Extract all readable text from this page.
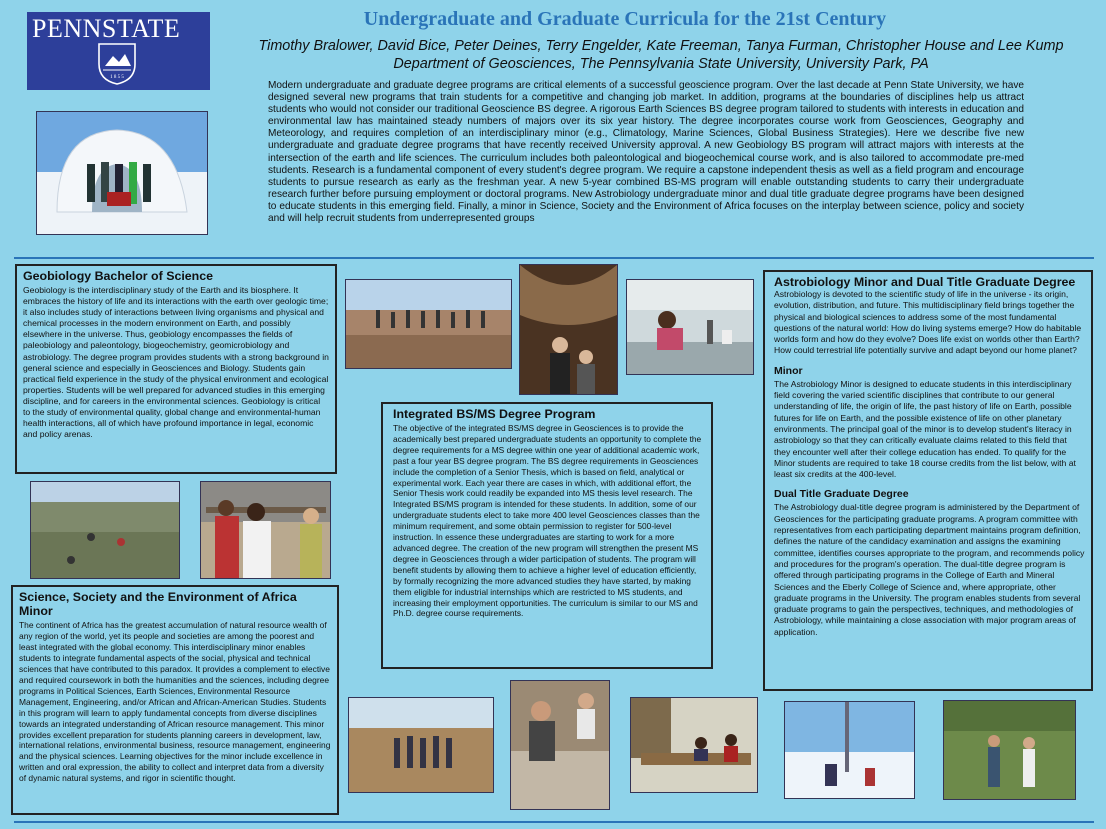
PENNSTATE
1 8 5 5
Undergraduate and Graduate Curricula for the 21st Century
Timothy Bralower, David Bice, Peter Deines, Terry Engelder, Kate Freeman, Tanya Furman, Christopher House and Lee Kump
Department of Geosciences, The Pennsylvania State University, University Park, PA

Modern undergraduate and graduate degree programs are critical elements of a successful geoscience program. Over the last decade at Penn State University, we have designed several new programs that train students for a competitive and changing job market. In addition, programs at the boundaries of disciplines help us attract students who would not consider our traditional Geoscience BS degree. A rigorous Earth Sciences BS degree program tailored to students with interests in education and environmental law has maintained steady numbers of majors over its six year history. The degree incorporates course work from Geosciences, Geography and Meteorology, and requires completion of an interdisciplinary minor (e.g., Climatology, Marine Sciences, Global Business Strategies). Here we describe five new undergraduate and graduate degree programs that have recently received University approval. A new Geobiology BS program will attract majors with interests at the intersection of the earth and life sciences. The curriculum includes both paleontological and biogeochemical course work, and is also tailored to accommodate pre-med students. Research is a fundamental component of every student's degree program. We require a capstone independent thesis as well as a field program and encourage students to pursue research as early as the freshman year. A new 5-year combined BS-MS program will enable outstanding students to carry their undergraduate research further before pursuing employment or doctoral programs. New Astrobiology undergraduate minor and dual title graduate degree programs have been designed to educate students in this emerging field. Finally, a minor in Science, Society and the Environment of Africa focuses on the interplay between science, policy and society and will help recruit students from underrepresented groups

Geobiology Bachelor of Science

Geobiology is the interdisciplinary study of the Earth and its biosphere. It embraces the history of life and its interactions with the earth over geologic time; it also includes study of interactions between living organisms and physical and chemical processes in the modern environment on Earth, and possibly elsewhere in the universe. Thus, geobiology encompasses the fields of paleobiology and paleontology, biogeochemistry, geomicrobiology and astrobiology. The degree program provides students with a strong background in general science and especially in Geosciences and Biology. Students gain practical field experience in the study of the physical environment and ecological properties. Students will be well prepared for advanced studies in this emerging discipline, and for careers in the environmental sciences. Geobiology is critical to the study of environmental quality, global change and environmental-human health interactions, all of which have profound importance in legal, economic and policy arenas.

Integrated BS/MS Degree Program

The objective of the integrated BS/MS degree in Geosciences is to provide the academically best prepared undergraduate students an opportunity to complete the degree requirements for a MS degree within one year of additional academic work, past a four year BS degree program. The BS degree requirements in Geosciences include the completion of a Senior Thesis, which is based on field, analytical or experimental work. Each year there are cases in which, with additional effort, the Senior Thesis work could readily be expanded into MS thesis level research. The Integrated BS/MS program is intended for these students. In addition, some of our undergraduate students elect to take more 400 level Geosciences classes than the minimum requirement, and some obtain permission to register for 500-level instruction. In essence these undergraduates are starting to work for a more advanced degree. The creation of the new program will strengthen the present MS degree in Geosciences through a wider participation of students. The program will benefit students by allowing them to achieve a higher level of education efficiently, by formally recognizing the more advanced studies they have started, by making them eligible for industrial internships which are restricted to MS students, and increasing their employment opportunities. The curriculum is similar to our MS and Ph.D. degree course requirements.

Science, Society and the Environment of Africa Minor

The continent of Africa has the greatest accumulation of natural resource wealth of any region of the world, yet its people and societies are among the poorest and least integrated with the global economy. This interdisciplinary minor enables students to integrate fundamental aspects of the social, physical and technical sciences that have contributed to this paradox. It provides a complement to elective and required coursework in both the humanities and the sciences, including degree programs in Political Sciences, Earth Sciences, Environmental Resource Management, Engineering, and/or African and African-American Studies. Students in this program will learn to apply fundamental concepts from diverse disciplines towards an integrated understanding of African resource management. This minor provides excellent preparation for students planning careers in development, law, international relations, environmental business, resource management, engineering and the physical sciences. Learning objectives for the minor include excellence in written and oral expression, the ability to collect and interpret data from a diversity of dynamic natural systems, and rigor in scientific thought.

Astrobiology Minor and Dual Title Graduate Degree

Astrobiology is devoted to the scientific study of life in the universe - its origin, evolution, distribution, and future. This multidisciplinary field brings together the physical and biological sciences to address some of the most fundamental questions of the natural world: How do living systems emerge? How do habitable worlds form and how do they evolve? Does life exist on worlds other than Earth? How could terrestrial life potentially survive and adapt beyond our home planet?

Minor

The Astrobiology Minor is designed to educate students in this interdisciplinary field covering the varied scientific disciplines that contribute to our general understanding of life, the origin of life, the past history of life on Earth, possible futures for life on Earth, and the possible existence of life on other planetary environments. The principal goal of the minor is to develop student's literacy in astrobiology so that they can critically evaluate claims related to this field that they encounter well after their college education has ended. To qualify for the Minor students are required to take 18 course credits from the list below, with at least six credits at the 400-level.

Dual Title Graduate Degree

The Astrobiology dual-title degree program is administered by the Department of Geosciences for the participating graduate programs. A program committee with representatives from each participating department maintains program definition, defines the nature of the candidacy examination and assigns the examining committee, identifies courses appropriate to the program, and recommends policy and procedures for the program's operation. The dual-title degree program is offered through participating programs in the College of Earth and Mineral Sciences and the Eberly College of Science and, where appropriate, other graduate programs in the University. The program enables students from several graduate programs to gain the perspectives, techniques, and methodologies of Astrobiology, while maintaining a close association with major program areas of application.
